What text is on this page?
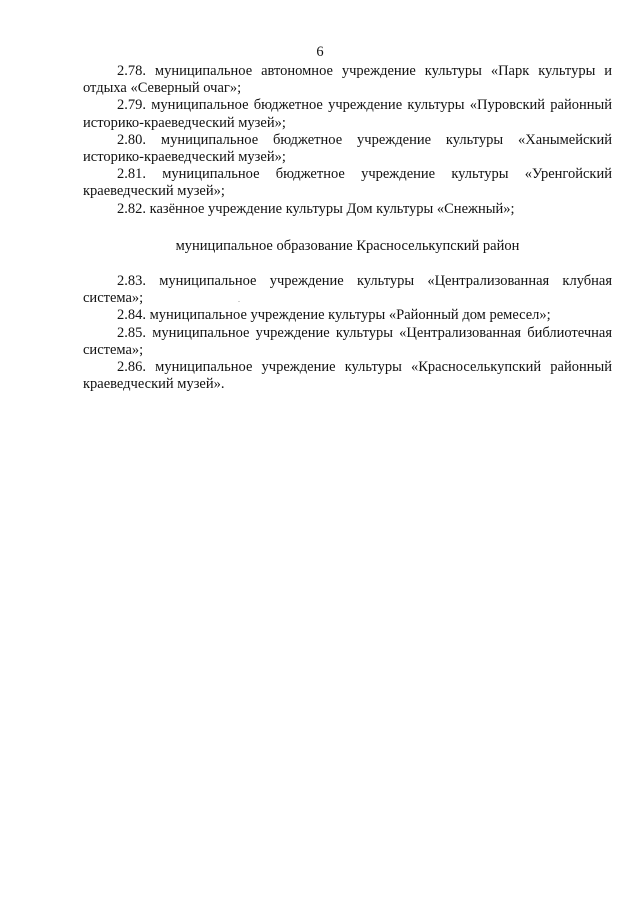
6

2.78. муниципальное автономное учреждение культуры «Парк культуры и отдыха «Северный очаг»;

2.79. муниципальное бюджетное учреждение культуры «Пуровский районный историко-краеведческий музей»;

2.80. муниципальное бюджетное учреждение культуры «Ханымейский историко-краеведческий музей»;

2.81. муниципальное бюджетное учреждение культуры «Уренгойский краеведческий музей»;

2.82. казённое учреждение культуры Дом культуры «Снежный»;

муниципальное образование Красноселькупский район

2.83. муниципальное учреждение культуры «Централизованная клубная система»;

2.84. муниципальное учреждение культуры «Районный дом ремесел»;

2.85. муниципальное учреждение культуры «Централизованная библиотечная система»;

2.86. муниципальное учреждение культуры «Красноселькупский районный краеведческий музей».
